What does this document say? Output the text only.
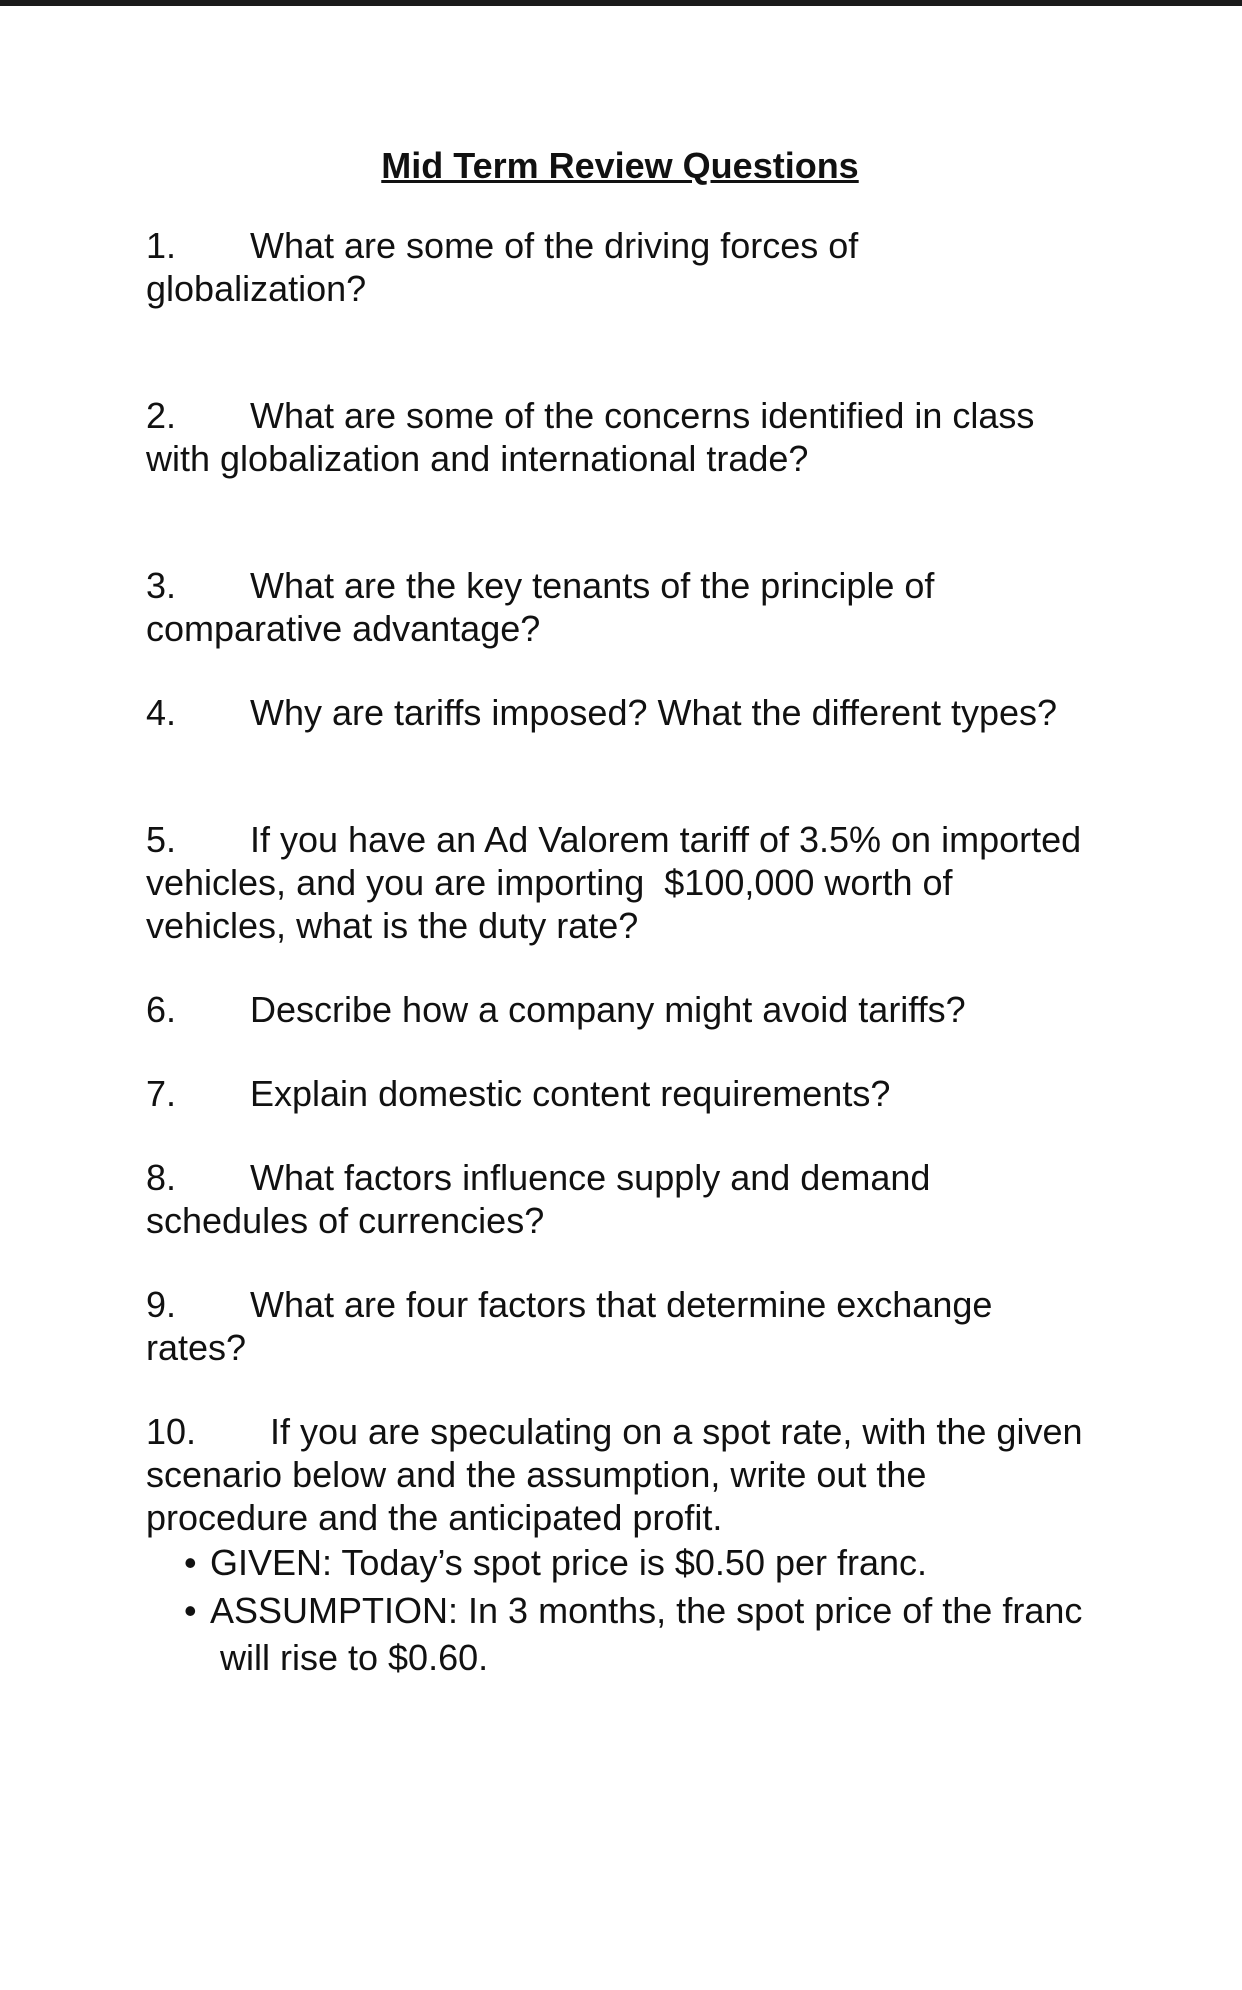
Mid Term Review Questions

1. What are some of the driving forces of
globalization?

2. What are some of the concerns identified in class
with globalization and international trade?

3. What are the key tenants of the principle of
comparative advantage?

4. Why are tariffs imposed? What the different types?

5. If you have an Ad Valorem tariff of 3.5% on imported
vehicles, and you are importing  $100,000 worth of
vehicles, what is the duty rate?

6. Describe how a company might avoid tariffs?

7. Explain domestic content requirements?

8. What factors influence supply and demand
schedules of currencies?

9. What are four factors that determine exchange
rates?

10. If you are speculating on a spot rate, with the given
scenario below and the assumption, write out the
procedure and the anticipated profit.

• GIVEN: Today’s spot price is $0.50 per franc.
• ASSUMPTION: In 3 months, the spot price of the franc
will rise to $0.60.
